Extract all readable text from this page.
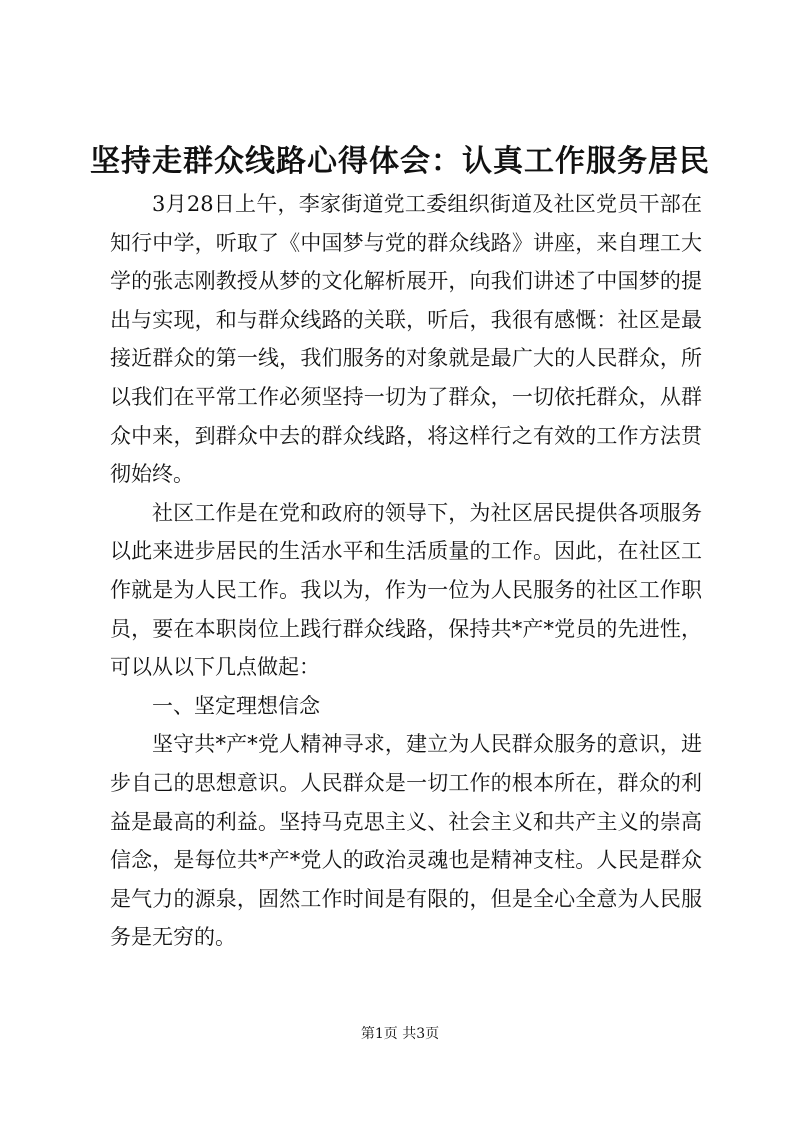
坚持走群众线路心得体会：认真工作服务居民

3月28日上午，李家街道党工委组织街道及社区党员干部在知行中学，听取了《中国梦与党的群众线路》讲座，来自理工大学的张志刚教授从梦的文化解析展开，向我们讲述了中国梦的提出与实现，和与群众线路的关联，听后，我很有感慨：社区是最接近群众的第一线，我们服务的对象就是最广大的人民群众，所以我们在平常工作必须坚持一切为了群众，一切依托群众，从群众中来，到群众中去的群众线路，将这样行之有效的工作方法贯彻始终。

社区工作是在党和政府的领导下，为社区居民提供各项服务以此来进步居民的生活水平和生活质量的工作。因此，在社区工作就是为人民工作。我以为，作为一位为人民服务的社区工作职员，要在本职岗位上践行群众线路，保持共*产*党员的先进性，可以从以下几点做起：

一、坚定理想信念

坚守共*产*党人精神寻求，建立为人民群众服务的意识，进步自己的思想意识。人民群众是一切工作的根本所在，群众的利益是最高的利益。坚持马克思主义、社会主义和共产主义的崇高信念，是每位共*产*党人的政治灵魂也是精神支柱。人民是群众是气力的源泉，固然工作时间是有限的，但是全心全意为人民服务是无穷的。

第1页 共3页
